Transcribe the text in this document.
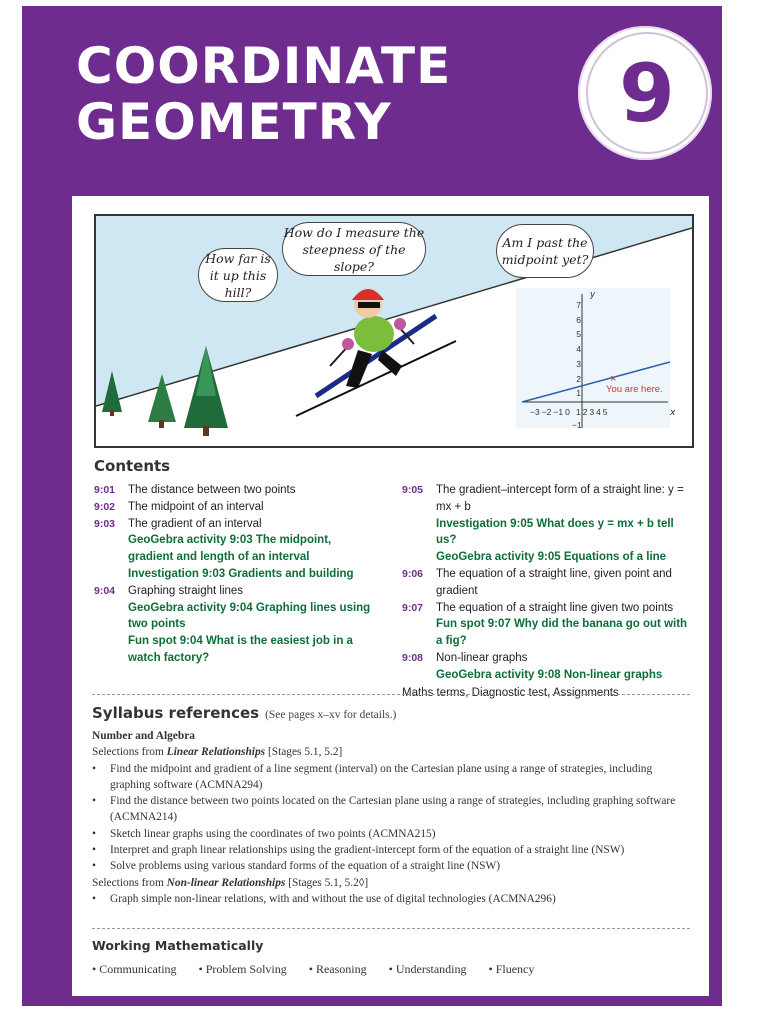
COORDINATE
GEOMETRY	9
×
How far is it up this hill?
How do I measure the steepness of the slope?
Am I past the midpoint yet?
y
x
7
6
5
4
3
2
1
−1
−3 −2 −1 0 1 2 3 4 5
You are here.
Contents
9:01	The distance between two points
9:02	The midpoint of an interval
9:03	The gradient of an interval
GeoGebra activity 9:03 The midpoint, gradient and length of an interval
Investigation 9:03 Gradients and building
9:04	Graphing straight lines
GeoGebra activity 9:04 Graphing lines using two points
Fun spot 9:04 What is the easiest job in a watch factory?
9:05	The gradient–intercept form of a straight line: y = mx + b
Investigation 9:05 What does y = mx + b tell us?
GeoGebra activity 9:05 Equations of a line
9:06	The equation of a straight line, given point and gradient
9:07	The equation of a straight line given two points
Fun spot 9:07 Why did the banana go out with a fig?
9:08	Non-linear graphs
GeoGebra activity 9:08 Non-linear graphs
Maths terms, Diagnostic test, Assignments
Syllabus references (See pages x–xv for details.)
Number and Algebra
Selections from Linear Relationships [Stages 5.1, 5.2]
•	Find the midpoint and gradient of a line segment (interval) on the Cartesian plane using a range of strategies, including graphing software (ACMNA294)
•	Find the distance between two points located on the Cartesian plane using a range of strategies, including graphing software (ACMNA214)
•	Sketch linear graphs using the coordinates of two points (ACMNA215)
•	Interpret and graph linear relationships using the gradient-intercept form of the equation of a straight line (NSW)
•	Solve problems using various standard forms of the equation of a straight line (NSW)
Selections from Non-linear Relationships [Stages 5.1, 5.2◊]
•	Graph simple non-linear relations, with and without the use of digital technologies (ACMNA296)
Working Mathematically
• Communicating • Problem Solving • Reasoning • Understanding • Fluency
